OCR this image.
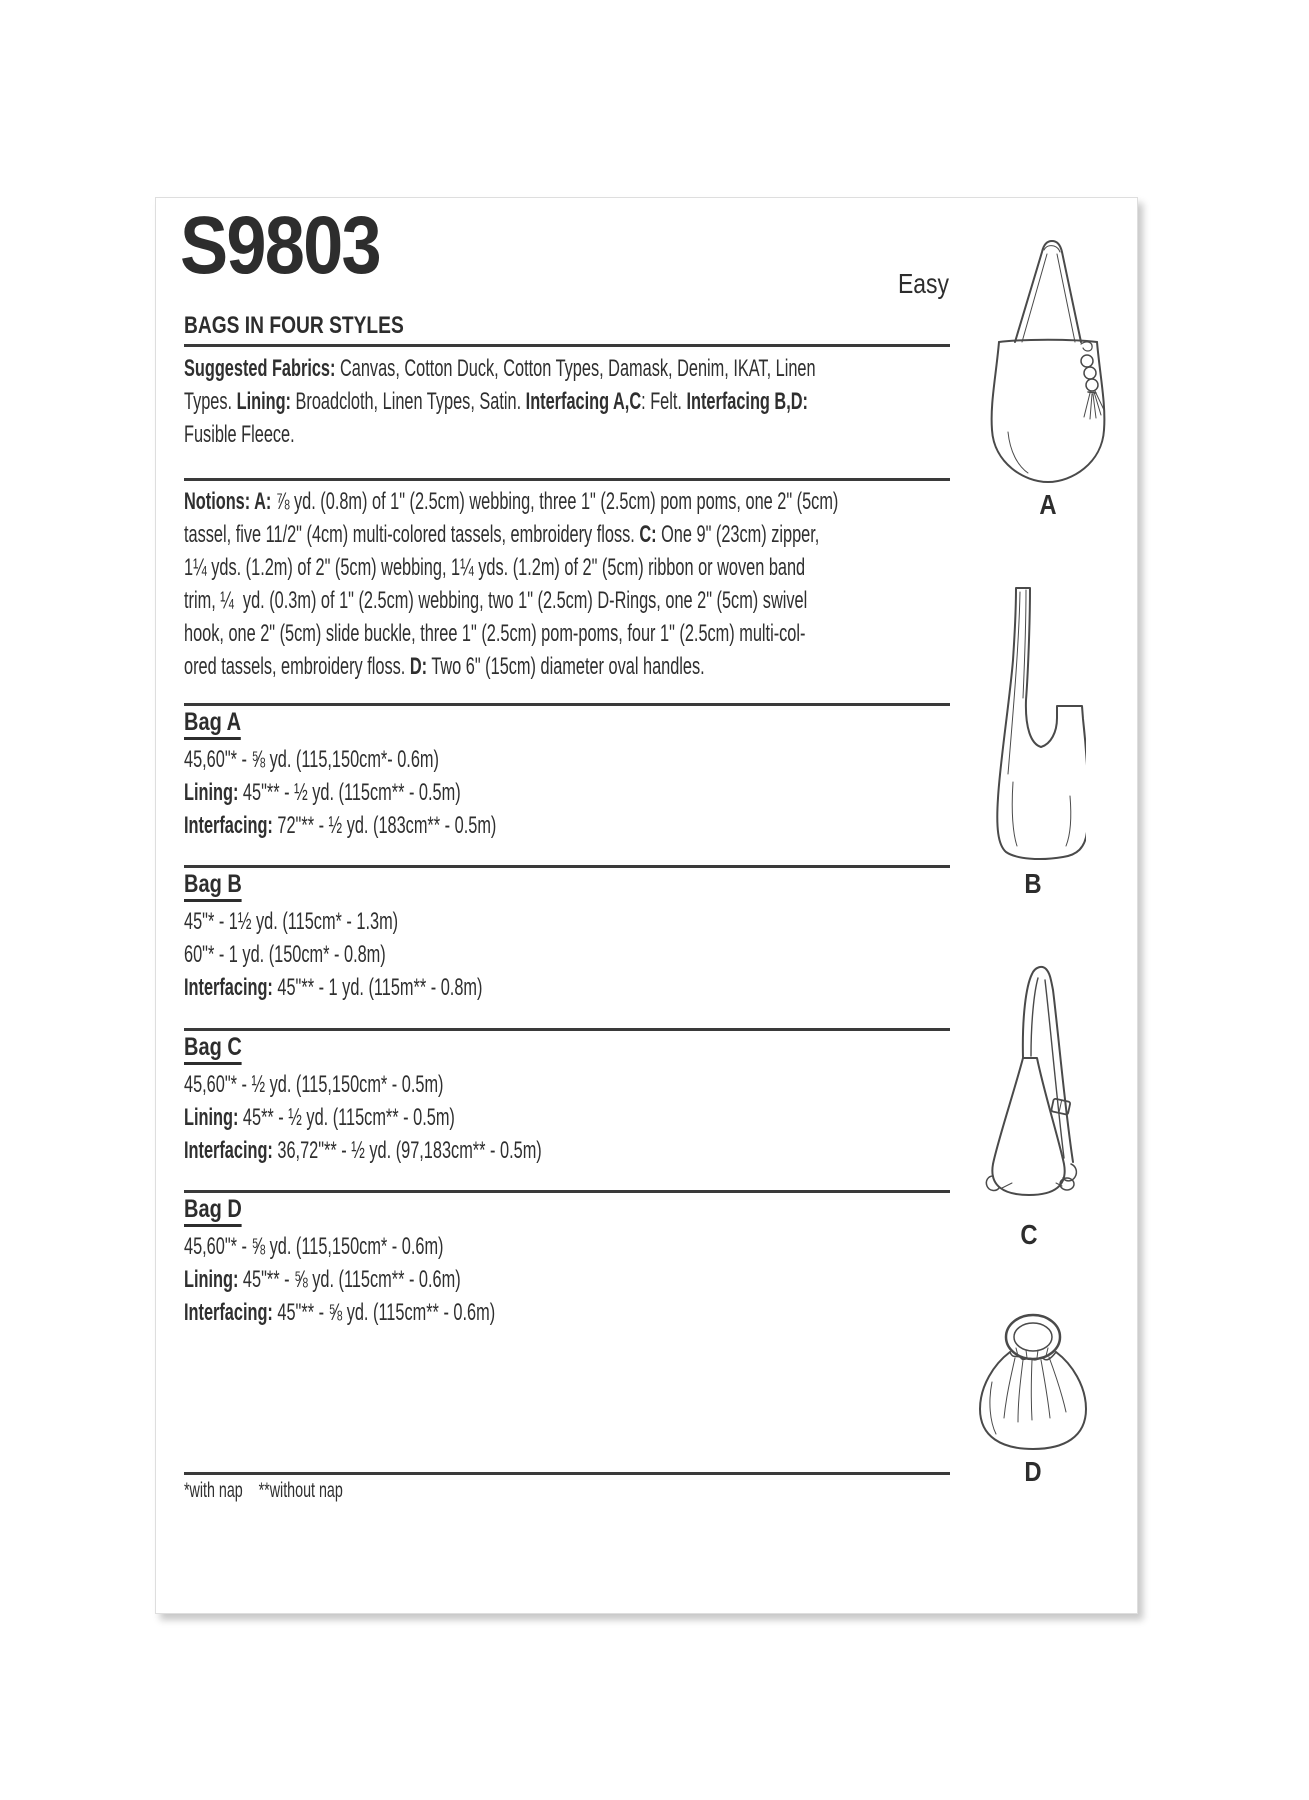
S9803	Easy
BAGS IN FOUR STYLES
Suggested Fabrics: Canvas, Cotton Duck, Cotton Types, Damask, Denim, IKAT, Linen
Types. Lining: Broadcloth, Linen Types, Satin. Interfacing A,C: Felt. Interfacing B,D:
Fusible Fleece.
Notions: A: ⅞ yd. (0.8m) of 1" (2.5cm) webbing, three 1" (2.5cm) pom poms, one 2" (5cm)
tassel, five 11/2" (4cm) multi-colored tassels, embroidery floss. C: One 9" (23cm) zipper,
1¼ yds. (1.2m) of 2" (5cm) webbing, 1¼ yds. (1.2m) of 2" (5cm) ribbon or woven band
trim, ¼  yd. (0.3m) of 1" (2.5cm) webbing, two 1" (2.5cm) D-Rings, one 2" (5cm) swivel
hook, one 2" (5cm) slide buckle, three 1" (2.5cm) pom-poms, four 1" (2.5cm) multi-col-
ored tassels, embroidery floss. D: Two 6" (15cm) diameter oval handles.
Bag A
45,60"* - ⅝ yd. (115,150cm*- 0.6m)
Lining: 45"** - ½ yd. (115cm** - 0.5m)
Interfacing: 72"** - ½ yd. (183cm** - 0.5m)
Bag B
45"* - 1½ yd. (115cm* - 1.3m)
60"* - 1 yd. (150cm* - 0.8m)
Interfacing: 45"** - 1 yd. (115m** - 0.8m)
Bag C
45,60"* - ½ yd. (115,150cm* - 0.5m)
Lining: 45** - ½ yd. (115cm** - 0.5m)
Interfacing: 36,72"** - ½ yd. (97,183cm** - 0.5m)
Bag D
45,60"* - ⅝ yd. (115,150cm* - 0.6m)
Lining: 45"** - ⅝ yd. (115cm** - 0.6m)
Interfacing: 45"** - ⅝ yd. (115cm** - 0.6m)
*with nap    **without nap
A
B
C
D
